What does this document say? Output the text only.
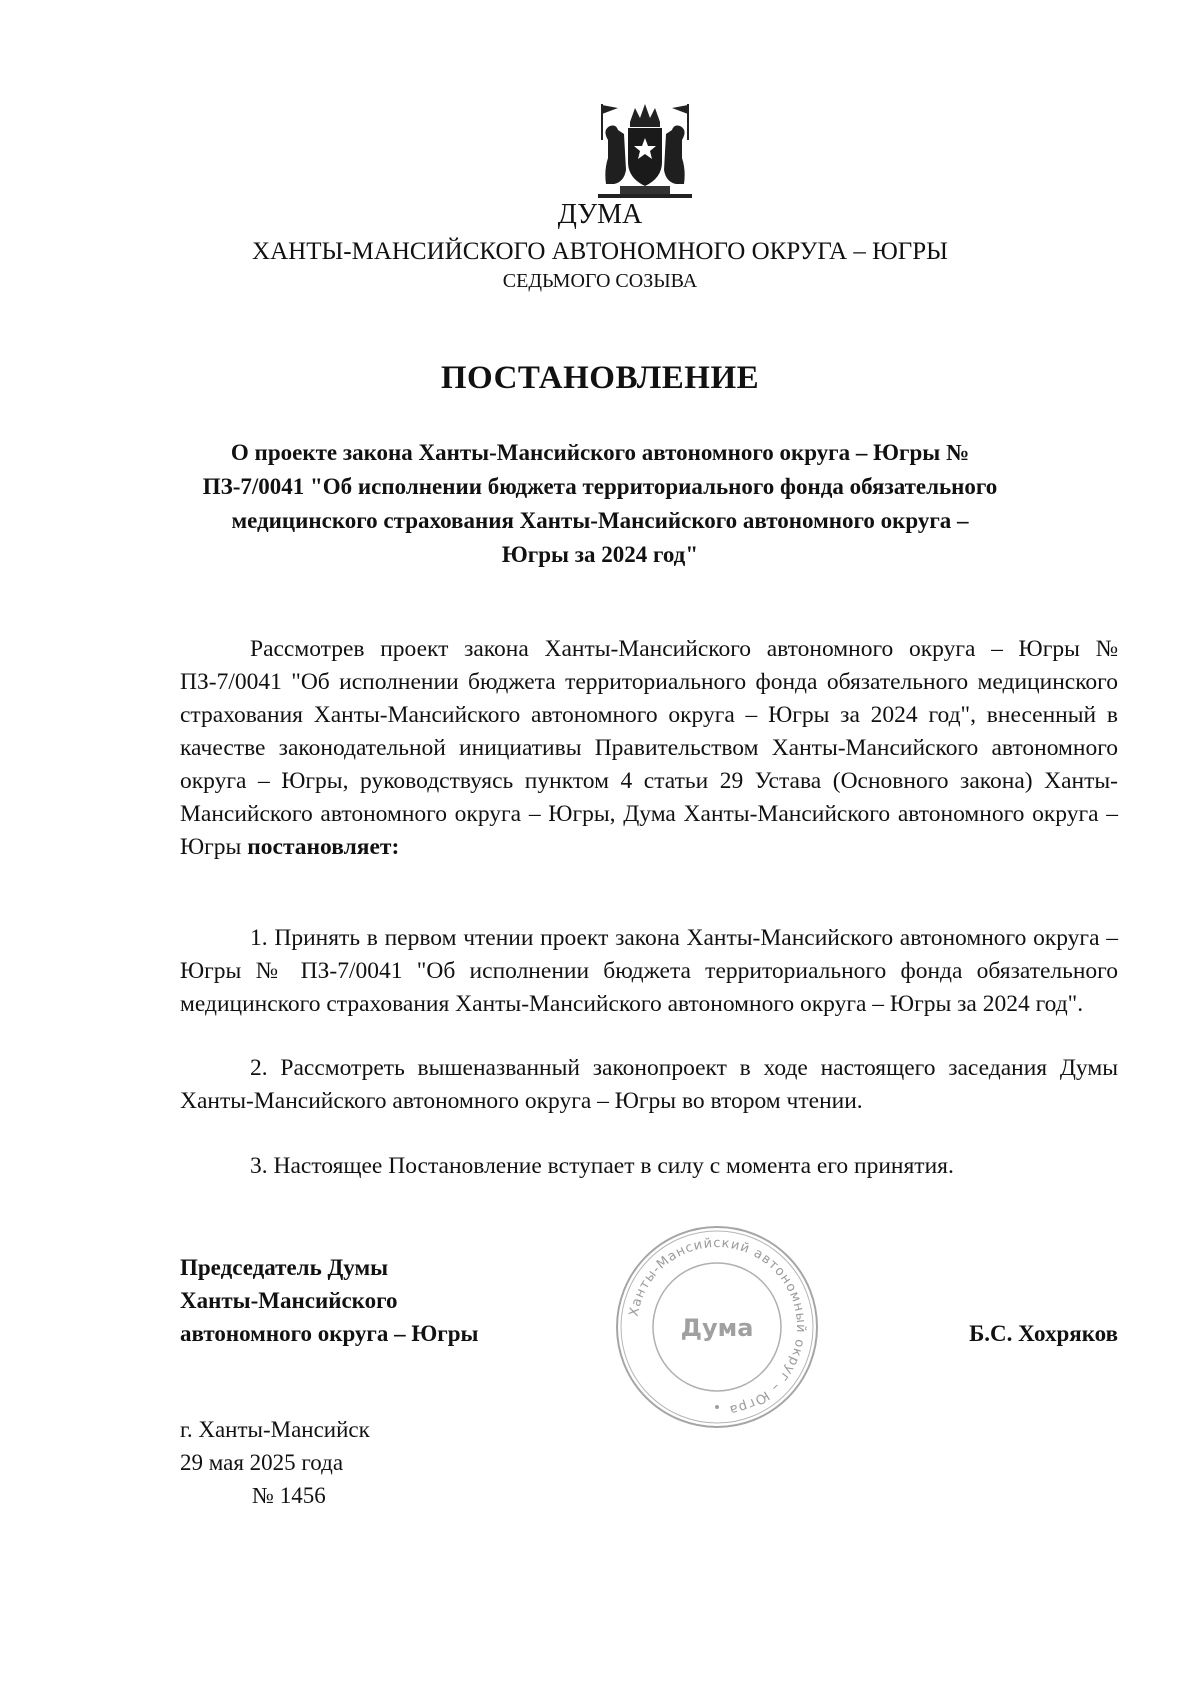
ДУМА
ХАНТЫ-МАНСИЙСКОГО АВТОНОМНОГО ОКРУГА – ЮГРЫ
СЕДЬМОГО СОЗЫВА
ПОСТАНОВЛЕНИЕ

О проекте закона Ханты-Мансийского автономного округа – Югры № ПЗ-7/0041 "Об исполнении бюджета территориального фонда обязательного медицинского страхования Ханты-Мансийского автономного округа – Югры за 2024 год"

Рассмотрев проект закона Ханты-Мансийского автономного округа – Югры № ПЗ-7/0041 "Об исполнении бюджета территориального фонда обязательного медицинского страхования Ханты-Мансийского автономного округа – Югры за 2024 год", внесенный в качестве законодательной инициативы Правительством Ханты-Мансийского автономного округа – Югры, руководствуясь пунктом 4 статьи 29 Устава (Основного закона) Ханты-Мансийского автономного округа – Югры, Дума Ханты-Мансийского автономного округа – Югры постановляет:

1. Принять в первом чтении проект закона Ханты-Мансийского автономного округа – Югры № ПЗ-7/0041 "Об исполнении бюджета территориального фонда обязательного медицинского страхования Ханты-Мансийского автономного округа – Югры за 2024 год".

2. Рассмотреть вышеназванный законопроект в ходе настоящего заседания Думы Ханты-Мансийского автономного округа – Югры во втором чтении.

3. Настоящее Постановление вступает в силу с момента его принятия.

Председатель Думы
Ханты-Мансийского
автономного округа – Югры
Ханты-Мансийский автономный округ – Югра
Дума	Б.С. Хохряков
г. Ханты-Мансийск
29 мая 2025 года
№ 1456
